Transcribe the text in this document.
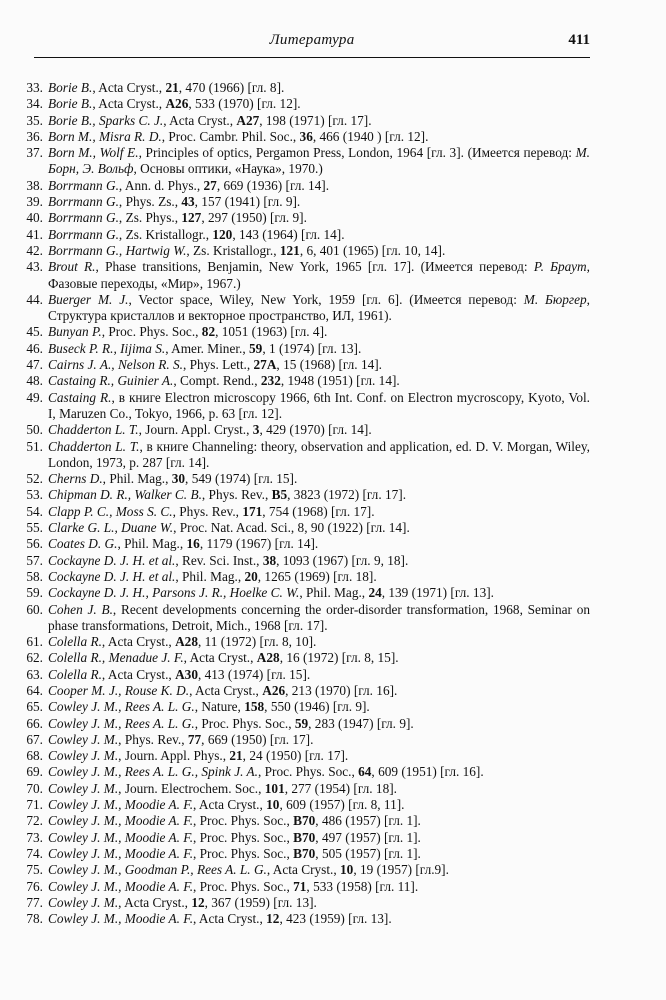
Литература	411
33. Borie B., Acta Cryst., 21, 470 (1966) [гл. 8].
34. Borie B., Acta Cryst., A26, 533 (1970) [гл. 12].
35. Borie B., Sparks C. J., Acta Cryst., A27, 198 (1971) [гл. 17].
36. Born M., Misra R. D., Proc. Cambr. Phil. Soc., 36, 466 (1940 ) [гл. 12].
37. Born M., Wolf E., Principles of optics, Pergamon Press, London, 1964 [гл. 3]. (Имеется перевод: М. Борн, Э. Вольф, Основы оптики, «Наука», 1970.)
38. Borrmann G., Ann. d. Phys., 27, 669 (1936) [гл. 14].
39. Borrmann G., Phys. Zs., 43, 157 (1941) [гл. 9].
40. Borrmann G., Zs. Phys., 127, 297 (1950) [гл. 9].
41. Borrmann G., Zs. Kristallogr., 120, 143 (1964) [гл. 14].
42. Borrmann G., Hartwig W., Zs. Kristallogr., 121, 6, 401 (1965) [гл. 10, 14].
43. Brout R., Phase transitions, Benjamin, New York, 1965 [гл. 17]. (Имеется перевод: Р. Браут, Фазовые переходы, «Мир», 1967.)
44. Buerger M. J., Vector space, Wiley, New York, 1959 [гл. 6]. (Имеется перевод: М. Бюргер, Структура кристаллов и векторное пространство, ИЛ, 1961).
45. Bunyan P., Proc. Phys. Soc., 82, 1051 (1963) [гл. 4].
46. Buseck P. R., Iijima S., Amer. Miner., 59, 1 (1974) [гл. 13].
47. Cairns J. A., Nelson R. S., Phys. Lett., 27A, 15 (1968) [гл. 14].
48. Castaing R., Guinier A., Compt. Rend., 232, 1948 (1951) [гл. 14].
49. Castaing R., в книге Electron microscopy 1966, 6th Int. Conf. on Electron mycroscopy, Kyoto, Vol. I, Maruzen Co., Tokyo, 1966, p. 63 [гл. 12].
50. Chadderton L. T., Journ. Appl. Cryst., 3, 429 (1970) [гл. 14].
51. Chadderton L. T., в книге Channeling: theory, observation and application, ed. D. V. Morgan, Wiley, London, 1973, p. 287 [гл. 14].
52. Cherns D., Phil. Mag., 30, 549 (1974) [гл. 15].
53. Chipman D. R., Walker C. B., Phys. Rev., B5, 3823 (1972) [гл. 17].
54. Clapp P. C., Moss S. C., Phys. Rev., 171, 754 (1968) [гл. 17].
55. Clarke G. L., Duane W., Proc. Nat. Acad. Sci., 8, 90 (1922) [гл. 14].
56. Coates D. G., Phil. Mag., 16, 1179 (1967) [гл. 14].
57. Cockayne D. J. H. et al., Rev. Sci. Inst., 38, 1093 (1967) [гл. 9, 18].
58. Cockayne D. J. H. et al., Phil. Mag., 20, 1265 (1969) [гл. 18].
59. Cockayne D. J. H., Parsons J. R., Hoelke C. W., Phil. Mag., 24, 139 (1971) [гл. 13].
60. Cohen J. B., Recent developments concerning the order-disorder transformation, 1968, Seminar on phase transformations, Detroit, Mich., 1968 [гл. 17].
61. Colella R., Acta Cryst., A28, 11 (1972) [гл. 8, 10].
62. Colella R., Menadue J. F., Acta Cryst., A28, 16 (1972) [гл. 8, 15].
63. Colella R., Acta Cryst., A30, 413 (1974) [гл. 15].
64. Cooper M. J., Rouse K. D., Acta Cryst., A26, 213 (1970) [гл. 16].
65. Cowley J. M., Rees A. L. G., Nature, 158, 550 (1946) [гл. 9].
66. Cowley J. M., Rees A. L. G., Proc. Phys. Soc., 59, 283 (1947) [гл. 9].
67. Cowley J. M., Phys. Rev., 77, 669 (1950) [гл. 17].
68. Cowley J. M., Journ. Appl. Phys., 21, 24 (1950) [гл. 17].
69. Cowley J. M., Rees A. L. G., Spink J. A., Proc. Phys. Soc., 64, 609 (1951) [гл. 16].
70. Cowley J. M., Journ. Electrochem. Soc., 101, 277 (1954) [гл. 18].
71. Cowley J. M., Moodie A. F., Acta Cryst., 10, 609 (1957) [гл. 8, 11].
72. Cowley J. M., Moodie A. F., Proc. Phys. Soc., B70, 486 (1957) [гл. 1].
73. Cowley J. M., Moodie A. F., Proc. Phys. Soc., B70, 497 (1957) [гл. 1].
74. Cowley J. M., Moodie A. F., Proc. Phys. Soc., B70, 505 (1957) [гл. 1].
75. Cowley J. M., Goodman P., Rees A. L. G., Acta Cryst., 10, 19 (1957) [гл.9].
76. Cowley J. M., Moodie A. F., Proc. Phys. Soc., 71, 533 (1958) [гл. 11].
77. Cowley J. M., Acta Cryst., 12, 367 (1959) [гл. 13].
78. Cowley J. M., Moodie A. F., Acta Cryst., 12, 423 (1959) [гл. 13].
